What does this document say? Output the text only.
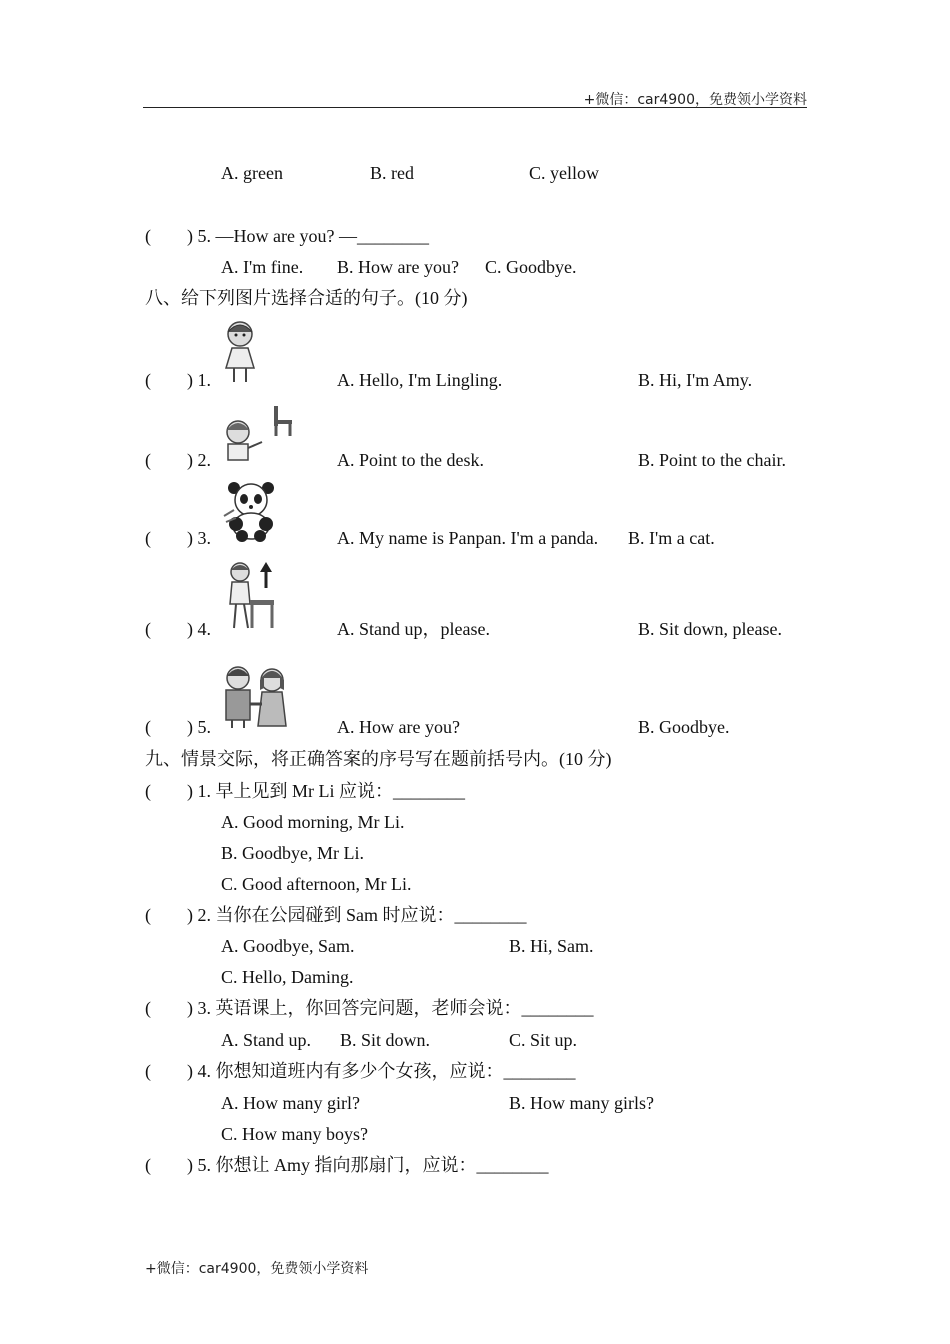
+微信：car4900，免费领小学资料
A. green	B. red	C. yellow
( ) 5. —How are you? —________
A. I'm fine. B. How are you? C. Goodbye.
八、给下列图片选择合适的句子。(10 分)
( ) 1.	A. Hello, I'm Lingling.	B. Hi, I'm Amy.
( ) 2.	A. Point to the desk.	B. Point to the chair.
( ) 3.	A. My name is Panpan. I'm a panda. B. I'm a cat.
( ) 4.	A. Stand up，please.	B. Sit down, please.
( ) 5.	A. How are you?	B. Goodbye.
九、情景交际，将正确答案的序号写在题前括号内。(10 分)
( ) 1. 早上见到 Mr Li 应说：________
A. Good morning, Mr Li.
B. Goodbye, Mr Li.
C. Good afternoon, Mr Li.
( ) 2. 当你在公园碰到 Sam 时应说：________
A. Goodbye, Sam.	B. Hi, Sam.
C. Hello, Daming.
( ) 3. 英语课上，你回答完问题，老师会说：________
A. Stand up. B. Sit down.	C. Sit up.
( ) 4. 你想知道班内有多少个女孩，应说：________
A. How many girl?	B. How many girls?
C. How many boys?
( ) 5. 你想让 Amy 指向那扇门，应说：________
+微信：car4900，免费领小学资料
